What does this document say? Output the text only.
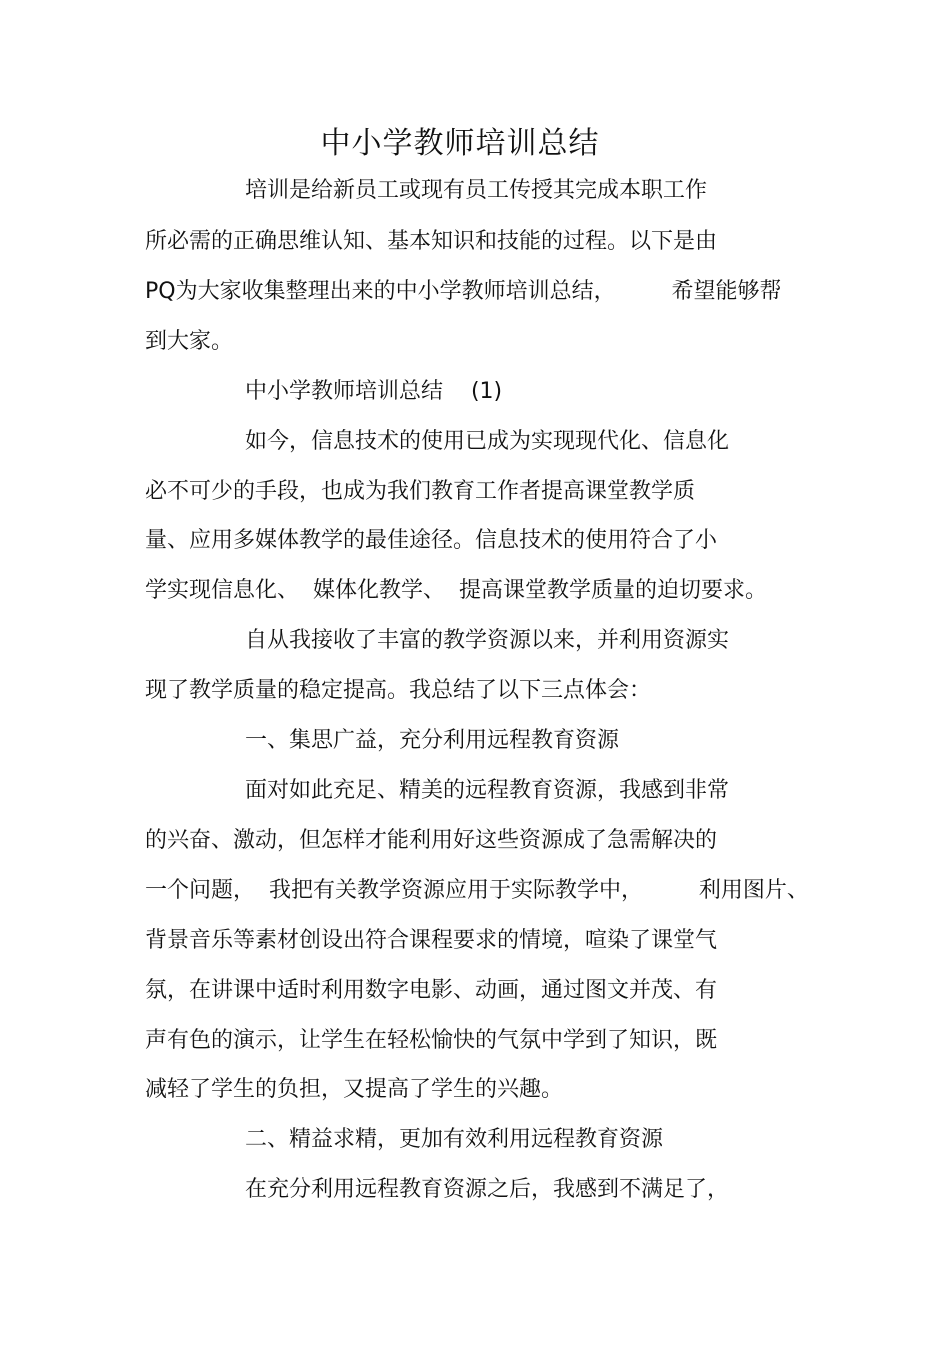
中小学教师培训总结

培训是给新员工或现有员工传授其完成本职工作

所必需的正确思维认知、基本知识和技能的过程。以下是由

PQ为大家收集整理出来的中小学教师培训总结，        希望能够帮

到大家。

中小学教师培训总结    (1)

如今，信息技术的使用已成为实现现代化、信息化

必不可少的手段，也成为我们教育工作者提高课堂教学质

量、应用多媒体教学的最佳途径。信息技术的使用符合了小

学实现信息化、  媒体化教学、  提高课堂教学质量的迫切要求。

自从我接收了丰富的教学资源以来，并利用资源实

现了教学质量的稳定提高。我总结了以下三点体会：

一、集思广益，充分利用远程教育资源

面对如此充足、精美的远程教育资源，我感到非常

的兴奋、激动，但怎样才能利用好这些资源成了急需解决的

一个问题，  我把有关教学资源应用于实际教学中，        利用图片、

背景音乐等素材创设出符合课程要求的情境，喧染了课堂气

氛，在讲课中适时利用数字电影、动画，通过图文并茂、有

声有色的演示，让学生在轻松愉快的气氛中学到了知识，既

减轻了学生的负担，又提高了学生的兴趣。

二、精益求精，更加有效利用远程教育资源

在充分利用远程教育资源之后，我感到不满足了，
